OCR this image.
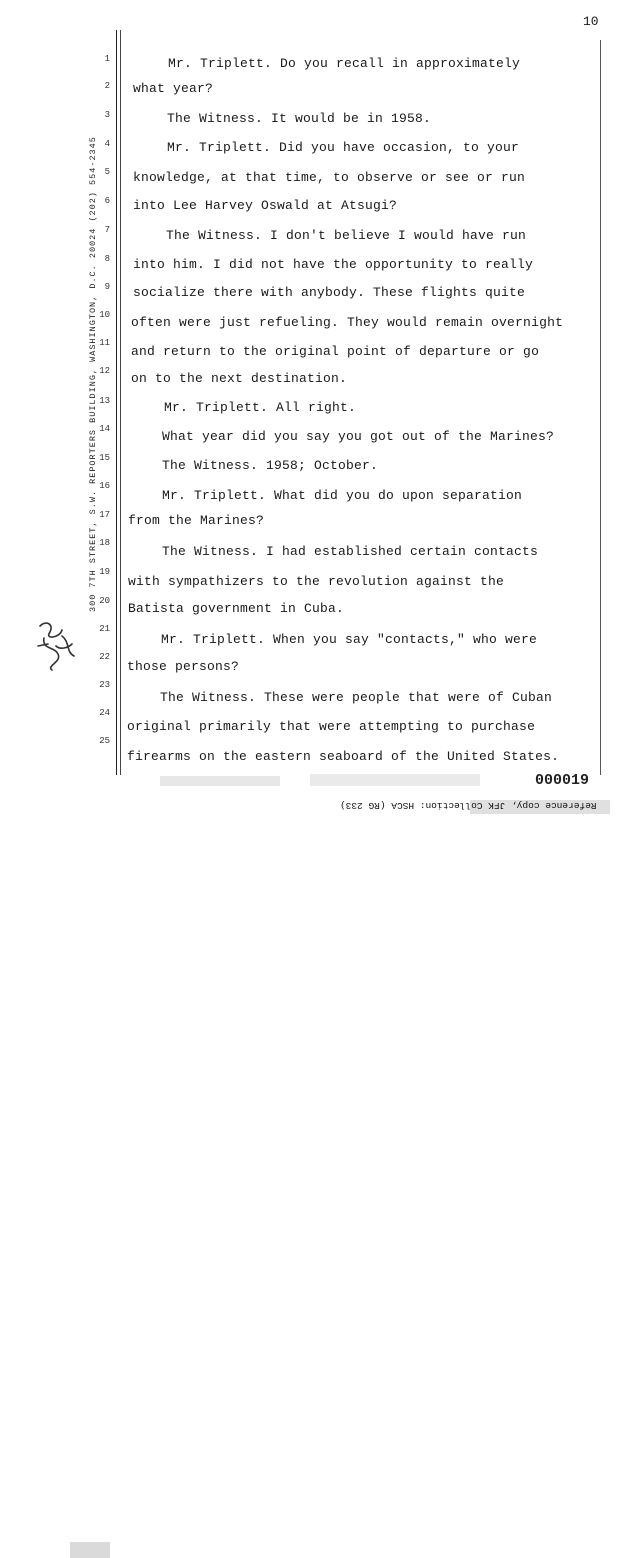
10
300 7TH STREET, S.W. REPORTERS BUILDING, WASHINGTON, D.C. 20024 (202) 554-2345
1
2
3
4
5
6
7
8
9
10
11
12
13
14
15
16
17
18
19
20
21
22
23
24
25
Mr. Triplett. Do you recall in approximately
what year?
The Witness. It would be in 1958.
Mr. Triplett. Did you have occasion, to your
knowledge, at that time, to observe or see or run
into Lee Harvey Oswald at Atsugi?
The Witness. I don't believe I would have run
into him. I did not have the opportunity to really
socialize there with anybody. These flights quite
often were just refueling. They would remain overnight
and return to the original point of departure or go
on to the next destination.
Mr. Triplett. All right.
What year did you say you got out of the Marines?
The Witness. 1958; October.
Mr. Triplett. What did you do upon separation
from the Marines?
The Witness. I had established certain contacts
with sympathizers to the revolution against the
Batista government in Cuba.
Mr. Triplett. When you say "contacts," who were
those persons?
The Witness. These were people that were of Cuban
original primarily that were attempting to purchase
firearms on the eastern seaboard of the United States.
000019
Reference copy, JFK Collection: HSCA (RG 233)
